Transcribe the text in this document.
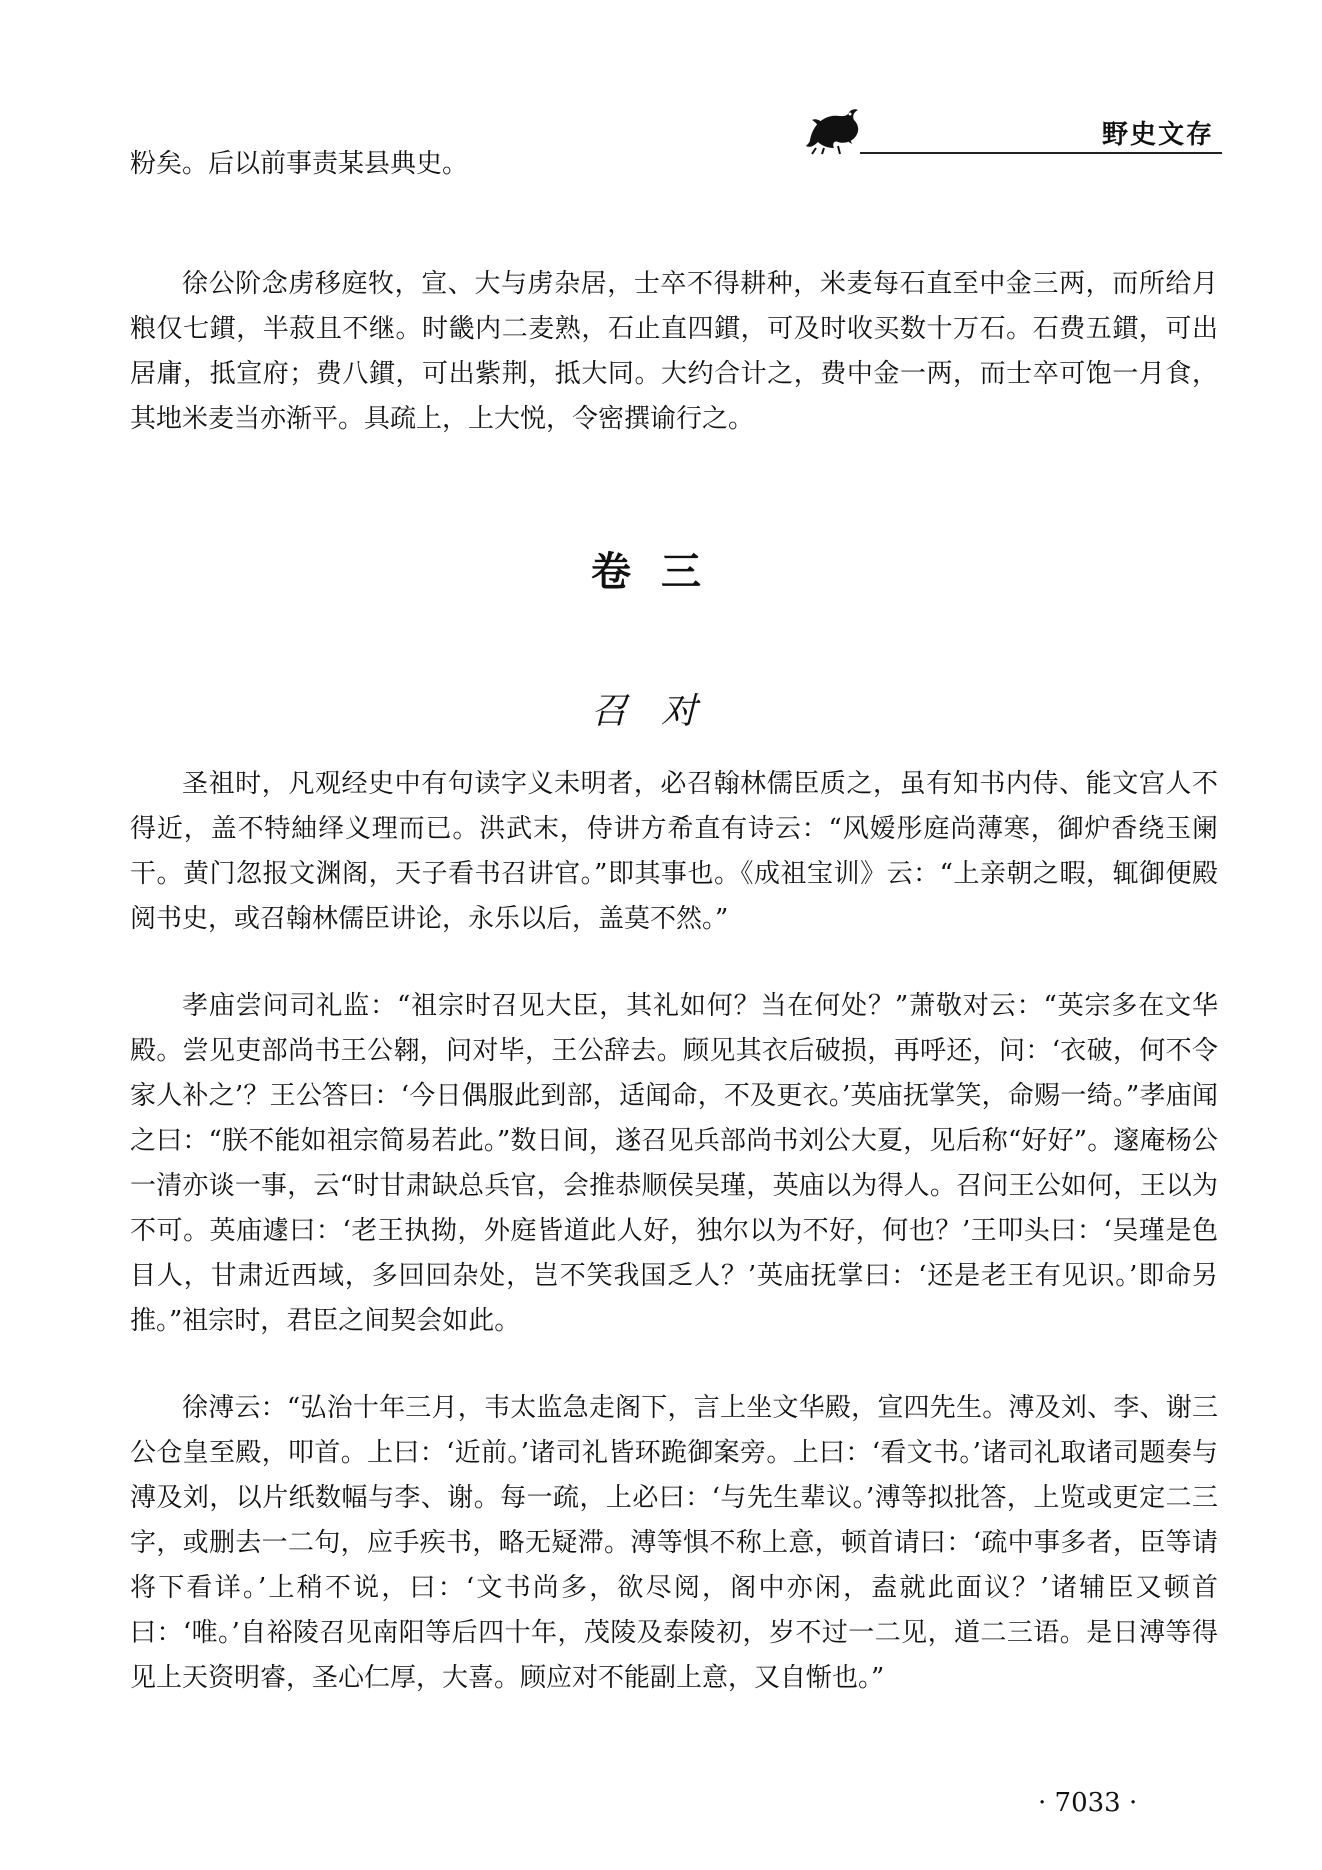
野史文存

粉矣。后以前事责某县典史。

徐公阶念虏移庭牧，宣、大与虏杂居，士卒不得耕种，米麦每石直至中金三两，而所给月粮仅七鏆，半菽且不继。时畿内二麦熟，石止直四鏆，可及时收买数十万石。石费五鏆，可出居庸，抵宣府；费八鏆，可出紫荆，抵大同。大约合计之，费中金一两，而士卒可饱一月食，其地米麦当亦渐平。具疏上，上大悦，令密撰谕行之。

卷三
召对

圣祖时，凡观经史中有句读字义未明者，必召翰林儒臣质之，虽有知书内侍、能文宫人不得近，盖不特紬绎义理而已。洪武末，侍讲方希直有诗云：“风嫒彤庭尚薄寒，御炉香绕玉阑干。黄门忽报文渊阁，天子看书召讲官。”即其事也。《成祖宝训》云：“上亲朝之暇，辄御便殿阅书史，或召翰林儒臣讲论，永乐以后，盖莫不然。”

孝庙尝问司礼监：“祖宗时召见大臣，其礼如何？当在何处？”萧敬对云：“英宗多在文华殿。尝见吏部尚书王公翱，问对毕，王公辞去。顾见其衣后破损，再呼还，问：‘衣破，何不令家人补之’？王公答曰：‘今日偶服此到部，适闻命，不及更衣。’英庙抚掌笑，命赐一绮。”孝庙闻之曰：“朕不能如祖宗简易若此。”数日间，遂召见兵部尚书刘公大夏，见后称“好好”。邃庵杨公一清亦谈一事，云“时甘肃缺总兵官，会推恭顺侯吴瑾，英庙以为得人。召问王公如何，王以为不可。英庙遽曰：‘老王执拗，外庭皆道此人好，独尔以为不好，何也？’王叩头曰：‘吴瑾是色目人，甘肃近西域，多回回杂处，岂不笑我国乏人？’英庙抚掌曰：‘还是老王有见识。’即命另推。”祖宗时，君臣之间契会如此。

徐溥云：“弘治十年三月，韦太监急走阁下，言上坐文华殿，宣四先生。溥及刘、李、谢三公仓皇至殿，叩首。上曰：‘近前。’诸司礼皆环跪御案旁。上曰：‘看文书。’诸司礼取诸司题奏与溥及刘，以片纸数幅与李、谢。每一疏，上必曰：‘与先生辈议。’溥等拟批答，上览或更定二三字，或删去一二句，应手疾书，略无疑滞。溥等惧不称上意，顿首请曰：‘疏中事多者，臣等请将下看详。’上稍不说，曰：‘文书尚多，欲尽阅，阁中亦闲，盍就此面议？’诸辅臣又顿首曰：‘唯。’自裕陵召见南阳等后四十年，茂陵及泰陵初，岁不过一二见，道二三语。是日溥等得见上天资明睿，圣心仁厚，大喜。顾应对不能副上意，又自惭也。”

· 7033 ·
